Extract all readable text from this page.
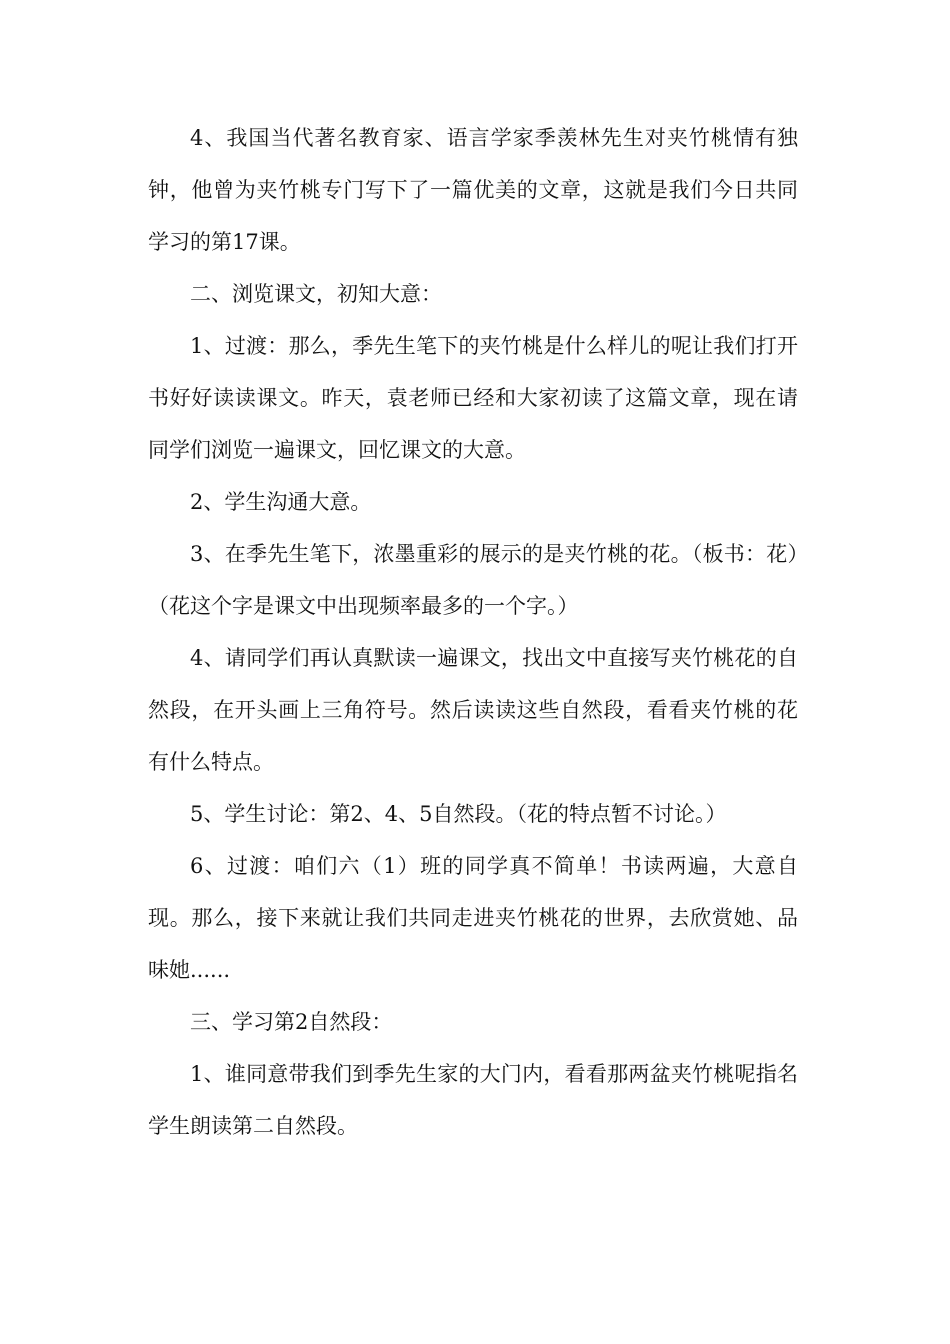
4、我国当代著名教育家、语言学家季羡林先生对夹竹桃情有独钟，他曾为夹竹桃专门写下了一篇优美的文章，这就是我们今日共同学习的第17课。

二、浏览课文，初知大意：

1、过渡：那么，季先生笔下的夹竹桃是什么样儿的呢让我们打开书好好读读课文。昨天，袁老师已经和大家初读了这篇文章，现在请同学们浏览一遍课文，回忆课文的大意。

2、学生沟通大意。

3、在季先生笔下，浓墨重彩的展示的是夹竹桃的花。（板书：花）（花这个字是课文中出现频率最多的一个字。）

4、请同学们再认真默读一遍课文，找出文中直接写夹竹桃花的自然段，在开头画上三角符号。然后读读这些自然段，看看夹竹桃的花有什么特点。

5、学生讨论：第2、4、5自然段。（花的特点暂不讨论。）

6、过渡：咱们六（1）班的同学真不简单！书读两遍，大意自现。那么，接下来就让我们共同走进夹竹桃花的世界，去欣赏她、品味她......

三、学习第2自然段：

1、谁同意带我们到季先生家的大门内，看看那两盆夹竹桃呢指名学生朗读第二自然段。
